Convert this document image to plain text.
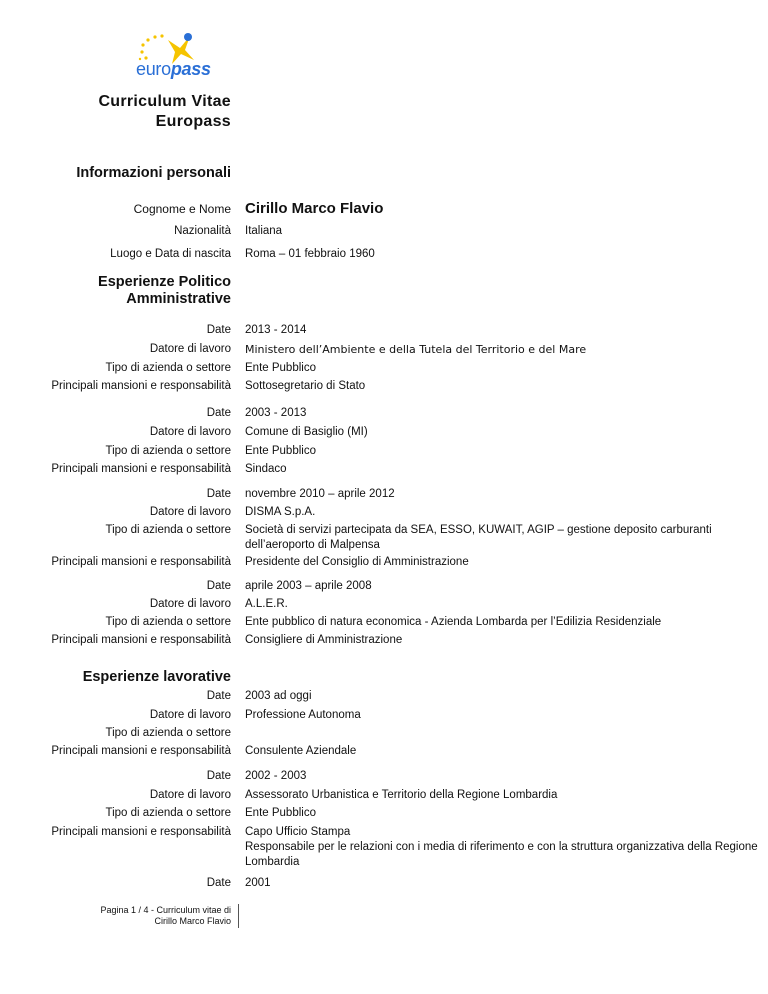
europass
Curriculum Vitae
Europass
Informazioni personali
Cognome e Nome Cirillo Marco Flavio
Nazionalità Italiana
Luogo e Data di nascita Roma – 01 febbraio 1960
Esperienze Politico
Amministrative
Date 2013 - 2014
Datore di lavoro Ministero dell’Ambiente e della Tutela del Territorio e del Mare
Tipo di azienda o settore Ente Pubblico
Principali mansioni e responsabilità Sottosegretario di Stato
Date 2003 - 2013
Datore di lavoro Comune di Basiglio (MI)
Tipo di azienda o settore Ente Pubblico
Principali mansioni e responsabilità Sindaco
Date novembre 2010 – aprile 2012
Datore di lavoro DISMA S.p.A.
Tipo di azienda o settore Società di servizi partecipata da SEA, ESSO, KUWAIT, AGIP – gestione deposito carburanti
dell’aeroporto di Malpensa
Principali mansioni e responsabilità Presidente del Consiglio di Amministrazione
Date aprile 2003 – aprile 2008
Datore di lavoro A.L.E.R.
Tipo di azienda o settore Ente pubblico di natura economica - Azienda Lombarda per l’Edilizia Residenziale
Principali mansioni e responsabilità Consigliere di Amministrazione
Esperienze lavorative
Date 2003 ad oggi
Datore di lavoro Professione Autonoma
Tipo di azienda o settore
Principali mansioni e responsabilità Consulente Aziendale
Date 2002 - 2003
Datore di lavoro Assessorato Urbanistica e Territorio della Regione Lombardia
Tipo di azienda o settore Ente Pubblico
Principali mansioni e responsabilità Capo Ufficio Stampa
Responsabile per le relazioni con i media di riferimento e con la struttura organizzativa della Regione
Lombardia
Date 2001
Pagina 1 / 4 - Curriculum vitae di
Cirillo Marco Flavio
